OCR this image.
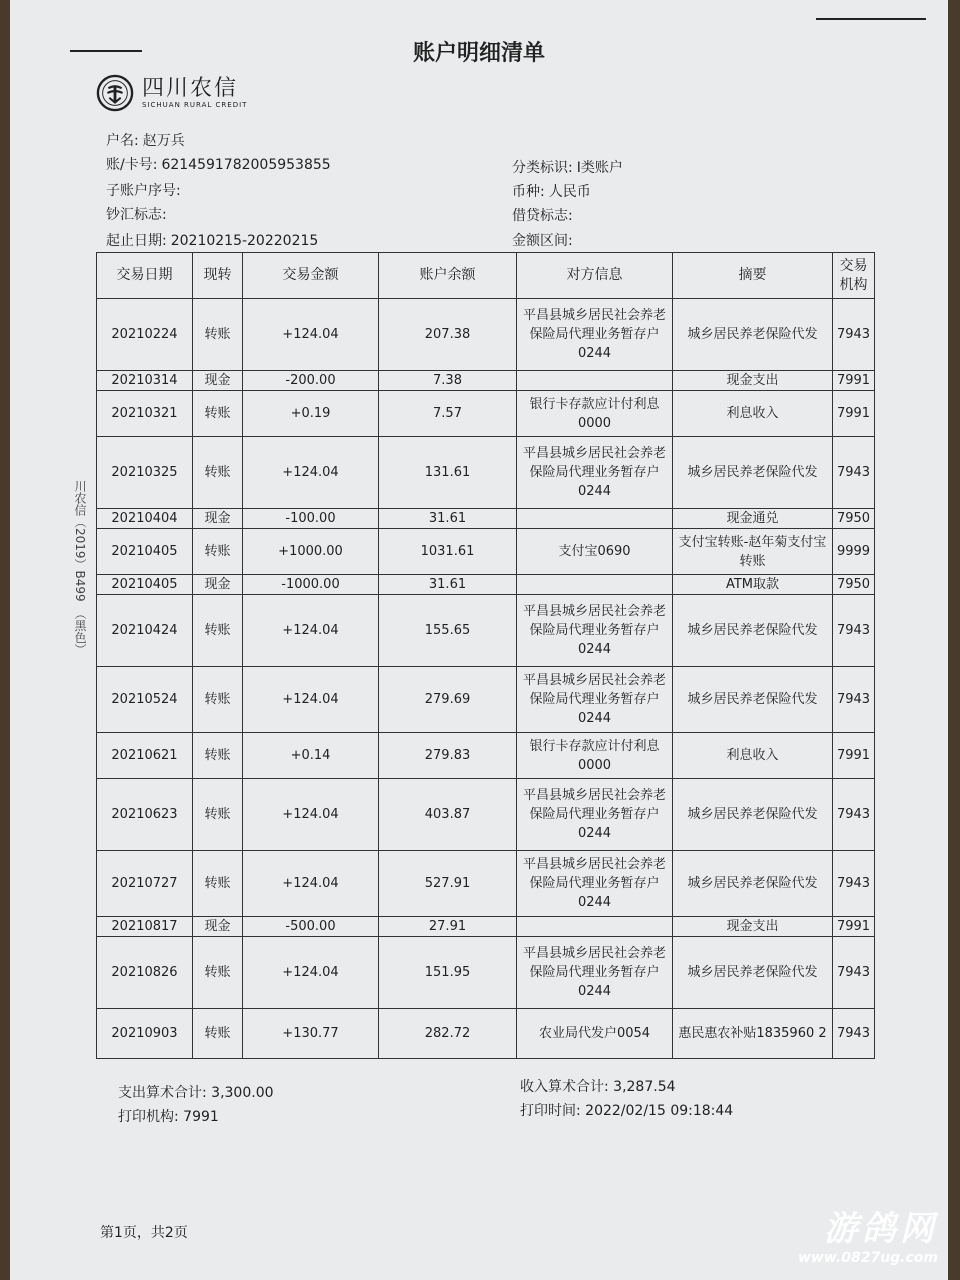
账户明细清单
四川农信
SICHUAN RURAL CREDIT
户名: 赵万兵
账/卡号: 6214591782005953855
子账户序号:
钞汇标志:
起止日期: 20210215-20220215
分类标识: I类账户
币种: 人民币
借贷标志:
金额区间:
川农信（2019）B499　（黑色）
交易日期	现转	交易金额	账户余额	对方信息	摘要	交易机构
20210224	转账	+124.04	207.38	平昌县城乡居民社会养老保险局代理业务暂存户0244	城乡居民养老保险代发	7943
20210314	现金	-200.00	7.38		现金支出	7991
20210321	转账	+0.19	7.57	银行卡存款应计付利息0000	利息收入	7991
20210325	转账	+124.04	131.61	平昌县城乡居民社会养老保险局代理业务暂存户0244	城乡居民养老保险代发	7943
20210404	现金	-100.00	31.61		现金通兑	7950
20210405	转账	+1000.00	1031.61	支付宝0690	支付宝转账-赵年菊支付宝转账	9999
20210405	现金	-1000.00	31.61		ATM取款	7950
20210424	转账	+124.04	155.65	平昌县城乡居民社会养老保险局代理业务暂存户0244	城乡居民养老保险代发	7943
20210524	转账	+124.04	279.69	平昌县城乡居民社会养老保险局代理业务暂存户0244	城乡居民养老保险代发	7943
20210621	转账	+0.14	279.83	银行卡存款应计付利息0000	利息收入	7991
20210623	转账	+124.04	403.87	平昌县城乡居民社会养老保险局代理业务暂存户0244	城乡居民养老保险代发	7943
20210727	转账	+124.04	527.91	平昌县城乡居民社会养老保险局代理业务暂存户0244	城乡居民养老保险代发	7943
20210817	现金	-500.00	27.91		现金支出	7991
20210826	转账	+124.04	151.95	平昌县城乡居民社会养老保险局代理业务暂存户0244	城乡居民养老保险代发	7943
20210903	转账	+130.77	282.72	农业局代发户0054	惠民惠农补贴1835960 2	7943
支出算术合计: 3,300.00
打印机构: 7991
收入算术合计: 3,287.54
打印时间: 2022/02/15 09:18:44
第1页，共2页	游鸽网
www.0827ug.com
